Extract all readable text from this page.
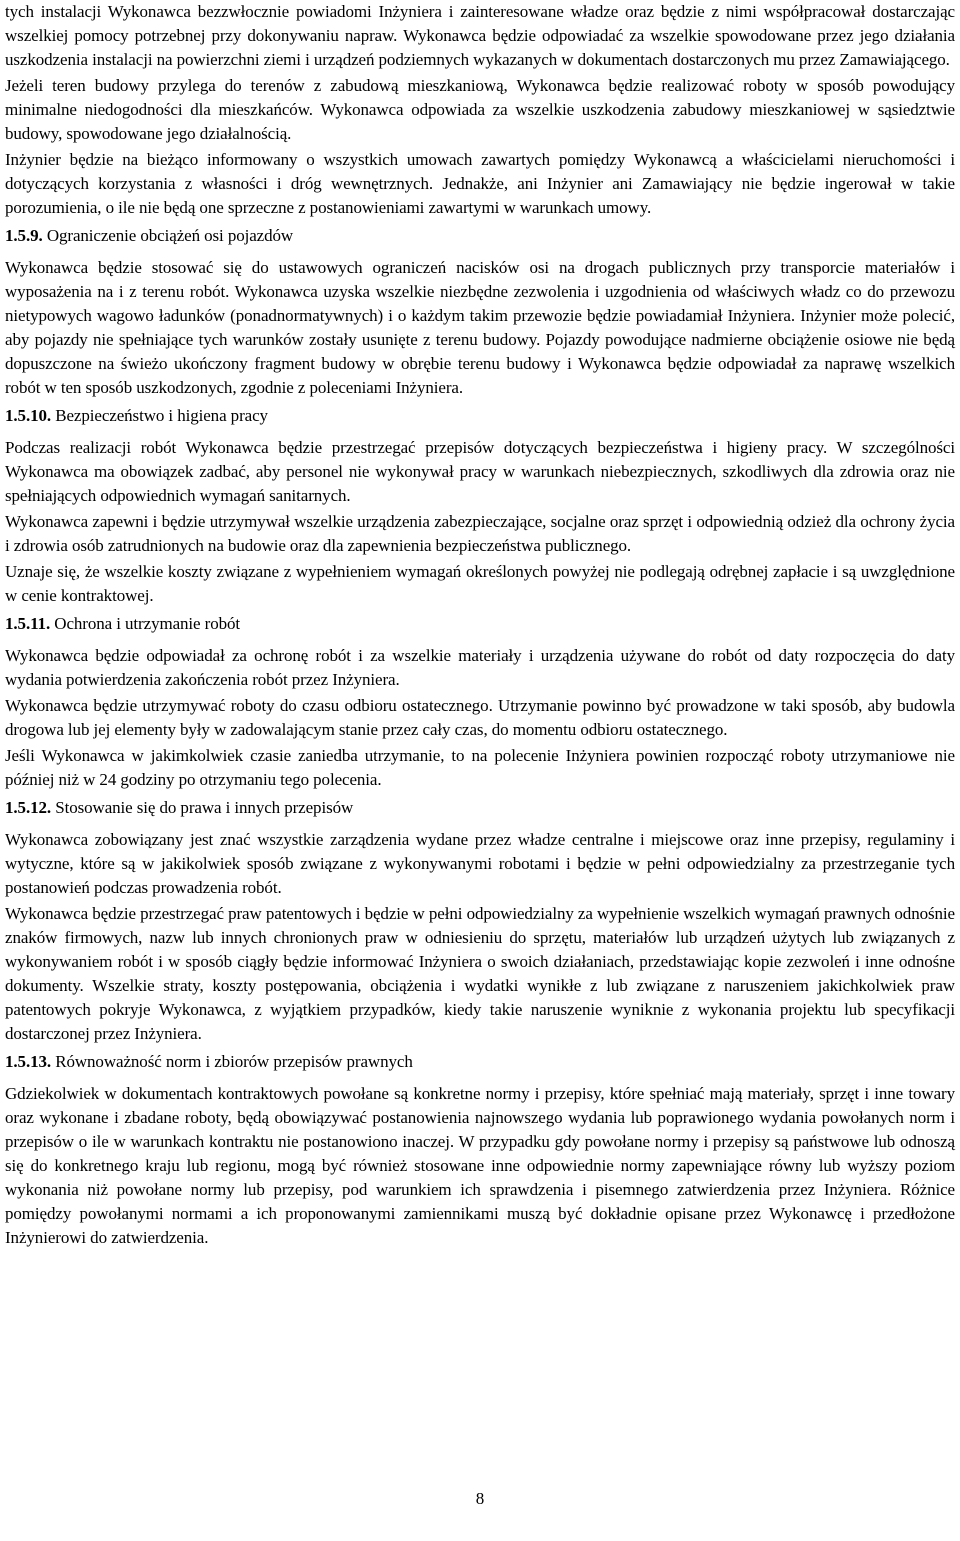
tych instalacji Wykonawca bezzwłocznie powiadomi Inżyniera i zainteresowane władze oraz będzie z nimi współpracował dostarczając wszelkiej pomocy potrzebnej przy dokonywaniu napraw. Wykonawca będzie odpowiadać za wszelkie spowodowane przez jego działania uszkodzenia instalacji na powierzchni ziemi i urządzeń podziemnych wykazanych w dokumentach dostarczonych mu przez Zamawiającego.

Jeżeli teren budowy przylega do terenów z zabudową mieszkaniową, Wykonawca będzie realizować roboty w sposób powodujący minimalne niedogodności dla mieszkańców. Wykonawca odpowiada za wszelkie uszkodzenia zabudowy mieszkaniowej w sąsiedztwie budowy, spowodowane jego działalnością.

Inżynier będzie na bieżąco informowany o wszystkich umowach zawartych pomiędzy Wykonawcą a właścicielami nieruchomości i dotyczących korzystania z własności i dróg wewnętrznych. Jednakże, ani Inżynier ani Zamawiający nie będzie ingerował w takie porozumienia, o ile nie będą one sprzeczne z postanowieniami zawartymi w warunkach umowy.

1.5.9. Ograniczenie obciążeń osi pojazdów

Wykonawca będzie stosować się do ustawowych ograniczeń nacisków osi na drogach publicznych przy transporcie materiałów i wyposażenia na i z terenu robót. Wykonawca uzyska wszelkie niezbędne zezwolenia i uzgodnienia od właściwych władz co do przewozu nietypowych wagowo ładunków (ponadnormatywnych) i o każdym takim przewozie będzie powiadamiał Inżyniera. Inżynier może polecić, aby pojazdy nie spełniające tych warunków zostały usunięte z terenu budowy. Pojazdy powodujące nadmierne obciążenie osiowe nie będą dopuszczone na świeżo ukończony fragment budowy w obrębie terenu budowy i Wykonawca będzie odpowiadał za naprawę wszelkich robót w ten sposób uszkodzonych, zgodnie z poleceniami Inżyniera.

1.5.10. Bezpieczeństwo i higiena pracy

Podczas realizacji robót Wykonawca będzie przestrzegać przepisów dotyczących bezpieczeństwa i higieny pracy. W szczególności Wykonawca ma obowiązek zadbać, aby personel nie wykonywał pracy w warunkach niebezpiecznych, szkodliwych dla zdrowia oraz nie spełniających odpowiednich wymagań sanitarnych.

Wykonawca zapewni i będzie utrzymywał wszelkie urządzenia zabezpieczające, socjalne oraz sprzęt i odpowiednią odzież dla ochrony życia i zdrowia osób zatrudnionych na budowie oraz dla zapewnienia bezpieczeństwa publicznego.

Uznaje się, że wszelkie koszty związane z wypełnieniem wymagań określonych powyżej nie podlegają odrębnej zapłacie i są uwzględnione w cenie kontraktowej.

1.5.11. Ochrona i utrzymanie robót

Wykonawca będzie odpowiadał za ochronę robót i za wszelkie materiały i urządzenia używane do robót od daty rozpoczęcia do daty wydania potwierdzenia zakończenia robót przez Inżyniera.

Wykonawca będzie utrzymywać roboty do czasu odbioru ostatecznego. Utrzymanie powinno być prowadzone w taki sposób, aby budowla drogowa lub jej elementy były w zadowalającym stanie przez cały czas, do momentu odbioru ostatecznego.

Jeśli Wykonawca w jakimkolwiek czasie zaniedba utrzymanie, to na polecenie Inżyniera powinien rozpocząć roboty utrzymaniowe nie później niż w 24 godziny po otrzymaniu tego polecenia.

1.5.12. Stosowanie się do prawa i innych przepisów

Wykonawca zobowiązany jest znać wszystkie zarządzenia wydane przez władze centralne i miejscowe oraz inne przepisy, regulaminy i wytyczne, które są w jakikolwiek sposób związane z wykonywanymi robotami i będzie w pełni odpowiedzialny za przestrzeganie tych postanowień podczas prowadzenia robót.

Wykonawca będzie przestrzegać praw patentowych i będzie w pełni odpowiedzialny za wypełnienie wszelkich wymagań prawnych odnośnie znaków firmowych, nazw lub innych chronionych praw w odniesieniu do sprzętu, materiałów lub urządzeń użytych lub związanych z wykonywaniem robót i w sposób ciągły będzie informować Inżyniera o swoich działaniach, przedstawiając kopie zezwoleń i inne odnośne dokumenty. Wszelkie straty, koszty postępowania, obciążenia i wydatki wynikłe z lub związane z naruszeniem jakichkolwiek praw patentowych pokryje Wykonawca, z wyjątkiem przypadków, kiedy takie naruszenie wyniknie z wykonania projektu lub specyfikacji dostarczonej przez Inżyniera.

1.5.13. Równoważność norm i zbiorów przepisów prawnych

Gdziekolwiek w dokumentach kontraktowych powołane są konkretne normy i przepisy, które spełniać mają materiały, sprzęt i inne towary oraz wykonane i zbadane roboty, będą obowiązywać postanowienia najnowszego wydania lub poprawionego wydania powołanych norm i przepisów o ile w warunkach kontraktu nie postanowiono inaczej. W przypadku gdy powołane normy i przepisy są państwowe lub odnoszą się do konkretnego kraju lub regionu, mogą być również stosowane inne odpowiednie normy zapewniające równy lub wyższy poziom wykonania niż powołane normy lub przepisy, pod warunkiem ich sprawdzenia i pisemnego zatwierdzenia przez Inżyniera. Różnice pomiędzy powołanymi normami a ich proponowanymi zamiennikami muszą być dokładnie opisane przez Wykonawcę i przedłożone Inżynierowi do zatwierdzenia.

8
